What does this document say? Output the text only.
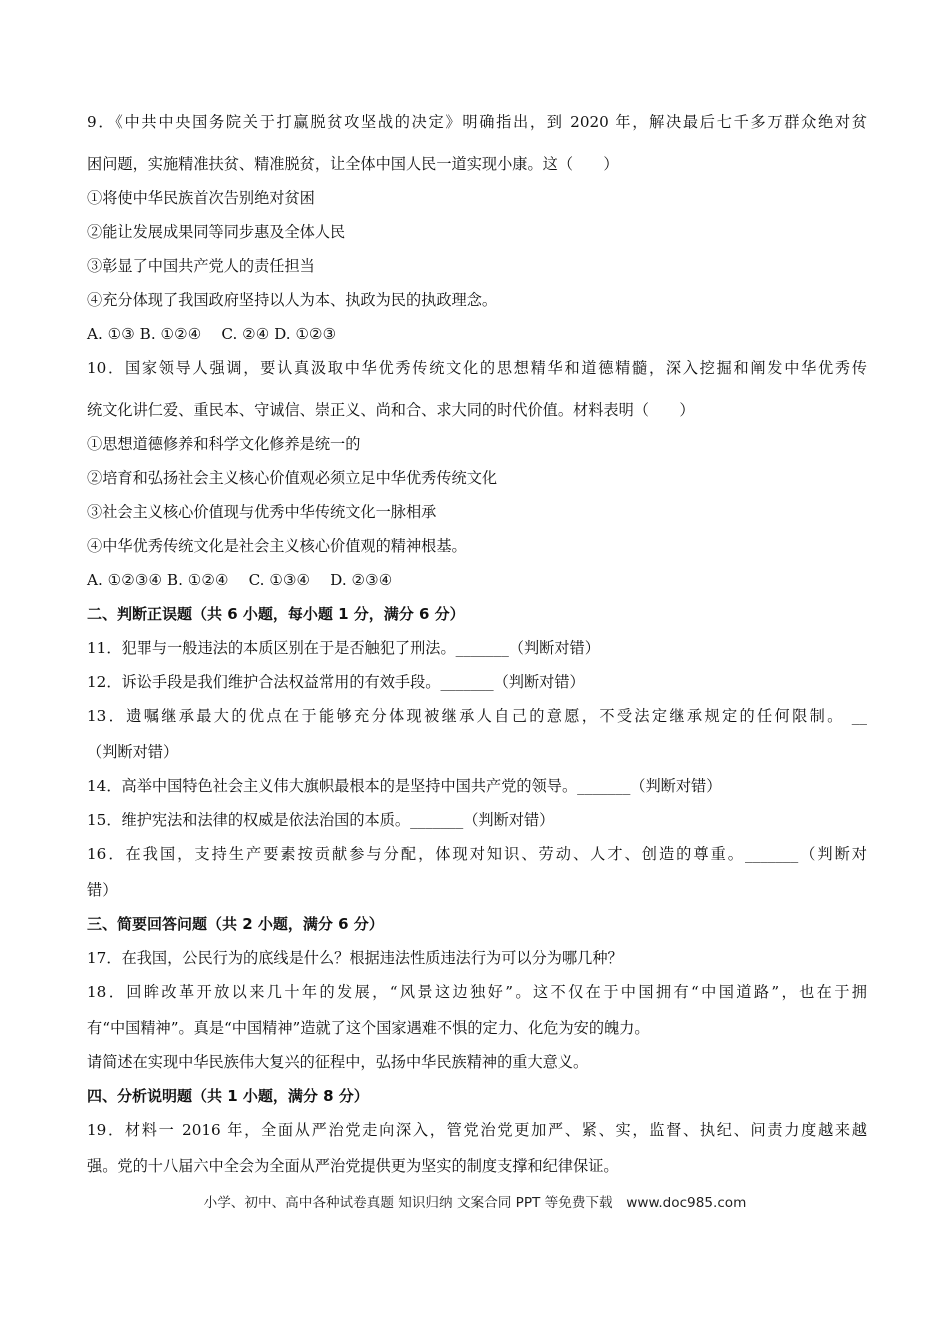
9．《中共中央国务院关于打赢脱贫攻坚战的决定》明确指出，到 2020 年，解决最后七千多万群众绝对贫

困问题，实施精准扶贫、精准脱贫，让全体中国人民一道实现小康。这（　　）

①将使中华民族首次告别绝对贫困

②能让发展成果同等同步惠及全体人民

③彰显了中国共产党人的责任担当

④充分体现了我国政府坚持以人为本、执政为民的执政理念。

A. ①③ B. ①②④　 C. ②④ D. ①②③

10．国家领导人强调，要认真汲取中华优秀传统文化的思想精华和道德精髓，深入挖掘和阐发中华优秀传

统文化讲仁爱、重民本、守诚信、崇正义、尚和合、求大同的时代价值。材料表明（　　）

①思想道德修养和科学文化修养是统一的

②培育和弘扬社会主义核心价值观必须立足中华优秀传统文化

③社会主义核心价值现与优秀中华传统文化一脉相承

④中华优秀传统文化是社会主义核心价值观的精神根基。

A. ①②③④ B. ①②④　 C. ①③④　 D. ②③④

二、判断正误题（共 6 小题，每小题 1 分，满分 6 分）

11．犯罪与一般违法的本质区别在于是否触犯了刑法。_______（判断对错）

12．诉讼手段是我们维护合法权益常用的有效手段。_______（判断对错）

13．遗嘱继承最大的优点在于能够充分体现被继承人自己的意愿，不受法定继承规定的任何限制。 __

（判断对错）

14．高举中国特色社会主义伟大旗帜最根本的是坚持中国共产党的领导。_______（判断对错）

15．维护宪法和法律的权威是依法治国的本质。_______（判断对错）

16．在我国，支持生产要素按贡献参与分配，体现对知识、劳动、人才、创造的尊重。_______（判断对

错）

三、简要回答问题（共 2 小题，满分 6 分）

17．在我国，公民行为的底线是什么？根据违法性质违法行为可以分为哪几种？

18．回眸改革开放以来几十年的发展，“风景这边独好”。这不仅在于中国拥有“中国道路”，也在于拥

有“中国精神”。真是“中国精神”造就了这个国家遇难不惧的定力、化危为安的魄力。

请简述在实现中华民族伟大复兴的征程中，弘扬中华民族精神的重大意义。

四、分析说明题（共 1 小题，满分 8 分）

19．材料一 2016 年，全面从严治党走向深入，管党治党更加严、紧、实，监督、执纪、问责力度越来越

强。党的十八届六中全会为全面从严治党提供更为坚实的制度支撑和纪律保证。

小学、初中、高中各种试卷真题 知识归纳 文案合同 PPT 等免费下载　www.doc985.com
